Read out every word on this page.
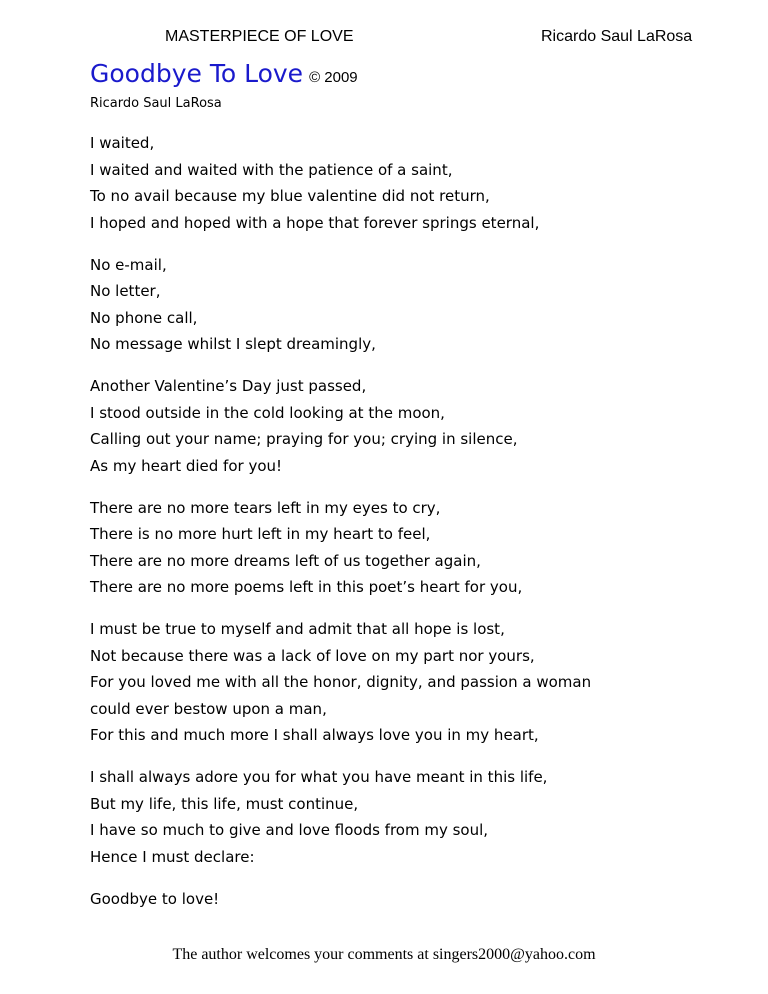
MASTERPIECE OF LOVE	Ricardo Saul LaRosa
Goodbye To Love © 2009
Ricardo Saul LaRosa
I waited,
I waited and waited with the patience of a saint,
To no avail because my blue valentine did not return,
I hoped and hoped with a hope that forever springs eternal,
No e-mail,
No letter,
No phone call,
No message whilst I slept dreamingly,
Another Valentine’s Day just passed,
I stood outside in the cold looking at the moon,
Calling out your name; praying for you; crying in silence,
As my heart died for you!
There are no more tears left in my eyes to cry,
There is no more hurt left in my heart to feel,
There are no more dreams left of us together again,
There are no more poems left in this poet’s heart for you,
I must be true to myself and admit that all hope is lost,
Not because there was a lack of love on my part nor yours,
For you loved me with all the honor, dignity, and passion a woman
could ever bestow upon a man,
For this and much more I shall always love you in my heart,
I shall always adore you for what you have meant in this life,
But my life, this life, must continue,
I have so much to give and love floods from my soul,
Hence I must declare:
Goodbye to love!
The author welcomes your comments at singers2000@yahoo.com
